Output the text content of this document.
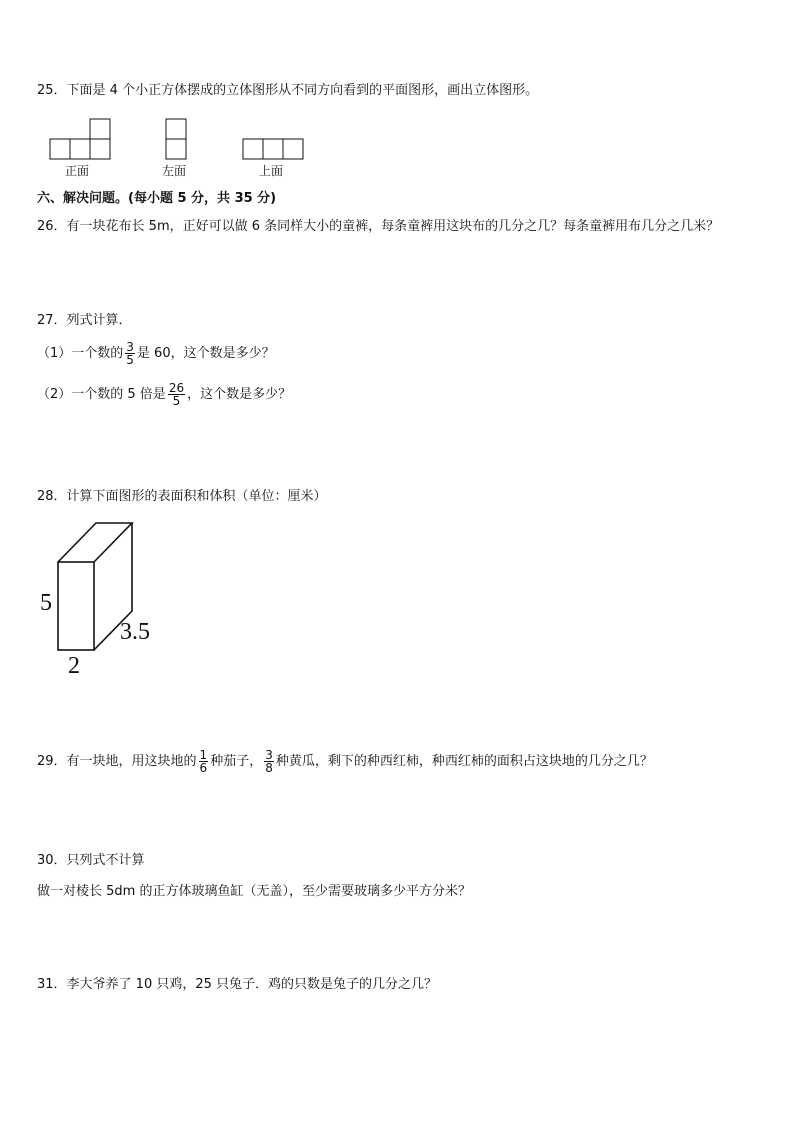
25．下面是 4 个小正方体摆成的立体图形从不同方向看到的平面图形，画出立体图形。
正面	左面	上面
六、解决问题。(每小题 5 分，共 35 分)
26．有一块花布长 5m，正好可以做 6 条同样大小的童裤，每条童裤用这块布的几分之几？每条童裤用布几分之几米？
27．列式计算．
（1）一个数的 $\frac{3}{5}$ 是 60，这个数是多少？
（2）一个数的 5 倍是 $\frac{26}{5}$ ，这个数是多少？
28．计算下面图形的表面积和体积（单位：厘米）
5
2
3.5
29．有一块地，用这块地的 $\frac{1}{6}$ 种茄子， $\frac{3}{8}$ 种黄瓜，剩下的种西红柿，种西红柿的面积占这块地的几分之几？
30．只列式不计算
做一对棱长 5dm 的正方体玻璃鱼缸（无盖），至少需要玻璃多少平方分米？
31．李大爷养了 10 只鸡，25 只兔子．鸡的只数是兔子的几分之几？
